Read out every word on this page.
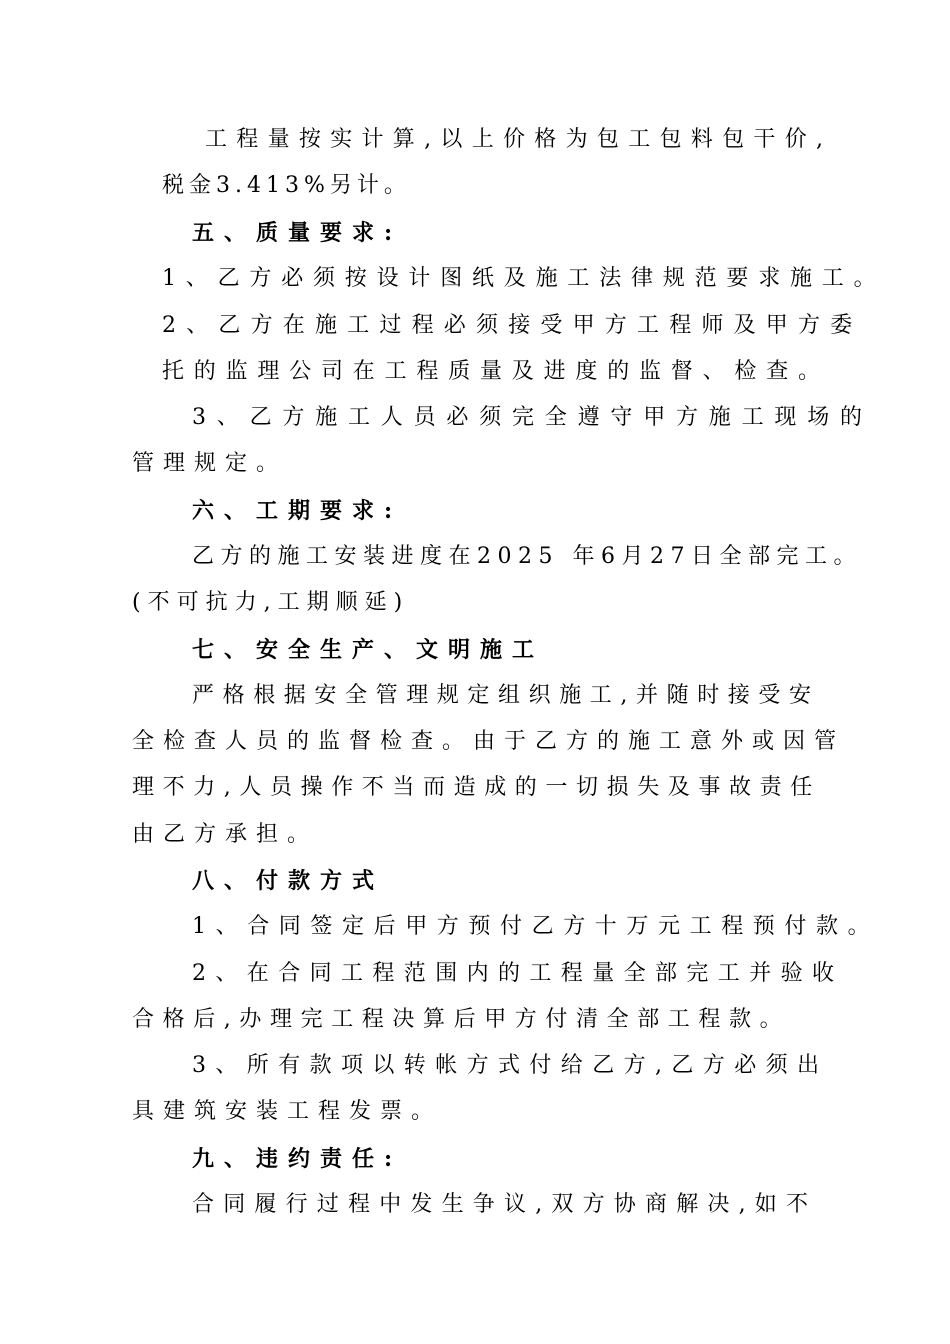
工程量按实计算,以上价格为包工包料包干价,
税金3.413%另计。
五、质量要求:
1、乙方必须按设计图纸及施工法律规范要求施工。
2、乙方在施工过程必须接受甲方工程师及甲方委
托的监理公司在工程质量及进度的监督、检查。
3、乙方施工人员必须完全遵守甲方施工现场的
管理规定。
六、工期要求:
乙方的施工安装进度在2025 年6月27日全部完工。
(不可抗力,工期顺延)
七、安全生产、文明施工
严格根据安全管理规定组织施工,并随时接受安
全检查人员的监督检查。由于乙方的施工意外或因管
理不力,人员操作不当而造成的一切损失及事故责任
由乙方承担。
八、付款方式
1、合同签定后甲方预付乙方十万元工程预付款。
2、在合同工程范围内的工程量全部完工并验收
合格后,办理完工程决算后甲方付清全部工程款。
3、所有款项以转帐方式付给乙方,乙方必须出
具建筑安装工程发票。
九、违约责任:
合同履行过程中发生争议,双方协商解决,如不
